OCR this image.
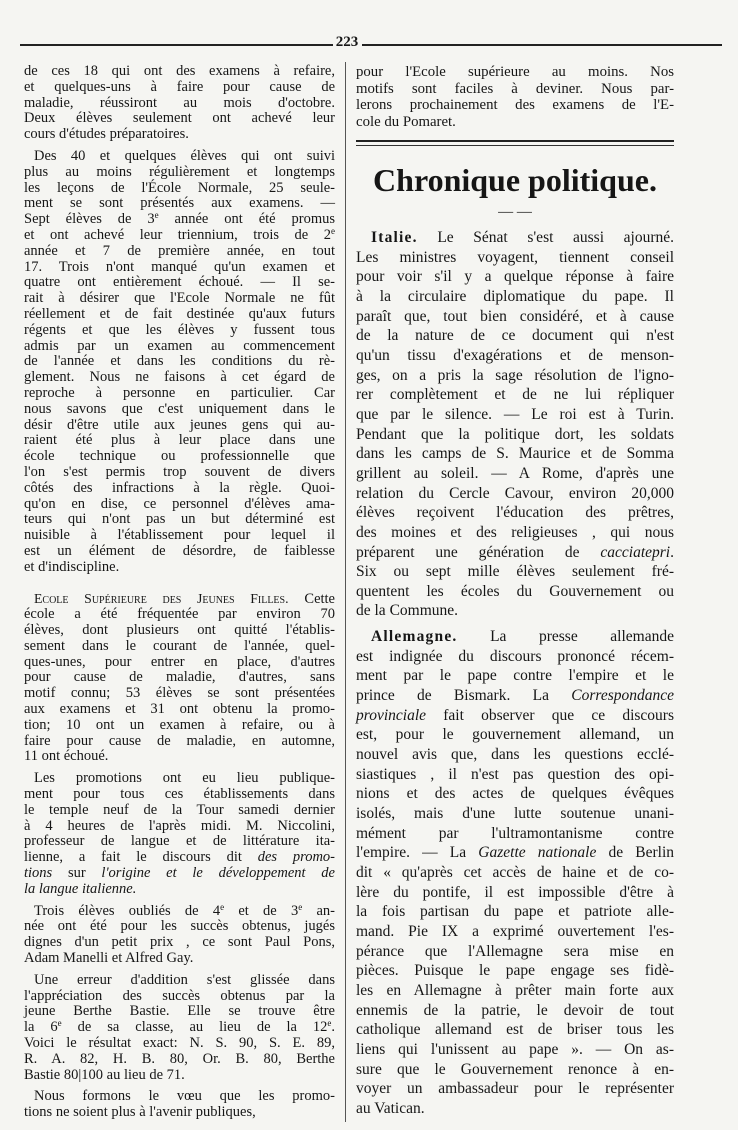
223
de ces 18 qui ont des examens à refaire,
et quelques-uns à faire pour cause de
maladie, réussiront au mois d'octobre.
Deux élèves seulement ont achevé leur
cours d'études préparatoires.
Des 40 et quelques élèves qui ont suivi
plus au moins régulièrement et longtemps
les leçons de l'École Normale, 25 seule-
ment se sont présentés aux examens. —
Sept élèves de 3e année ont été promus
et ont achevé leur triennium, trois de 2e
année et 7 de première année, en tout
17. Trois n'ont manqué qu'un examen et
quatre ont entièrement échoué. — Il se-
rait à désirer que l'Ecole Normale ne fût
réellement et de fait destinée qu'aux futurs
régents et que les élèves y fussent tous
admis par un examen au commencement
de l'année et dans les conditions du rè-
glement. Nous ne faisons à cet égard de
reproche à personne en particulier. Car
nous savons que c'est uniquement dans le
désir d'être utile aux jeunes gens qui au-
raient été plus à leur place dans une
école technique ou professionnelle que
l'on s'est permis trop souvent de divers
côtés des infractions à la règle. Quoi-
qu'on en dise, ce personnel d'élèves ama-
teurs qui n'ont pas un but déterminé est
nuisible à l'établissement pour lequel il
est un élément de désordre, de faiblesse
et d'indiscipline.
Ecole Supérieure des Jeunes Filles. Cette
école a été fréquentée par environ 70
élèves, dont plusieurs ont quitté l'établis-
sement dans le courant de l'année, quel-
ques-unes, pour entrer en place, d'autres
pour cause de maladie, d'autres, sans
motif connu; 53 élèves se sont présentées
aux examens et 31 ont obtenu la promo-
tion; 10 ont un examen à refaire, ou à
faire pour cause de maladie, en automne,
11 ont échoué.
Les promotions ont eu lieu publique-
ment pour tous ces établissements dans
le temple neuf de la Tour samedi dernier
à 4 heures de l'après midi. M. Niccolini,
professeur de langue et de littérature ita-
lienne, a fait le discours dit des promo-
tions sur l'origine et le développement de
la langue italienne.
Trois élèves oubliés de 4e et de 3e an-
née ont été pour les succès obtenus, jugés
dignes d'un petit prix , ce sont Paul Pons,
Adam Manelli et Alfred Gay.
Une erreur d'addition s'est glissée dans
l'appréciation des succès obtenus par la
jeune Berthe Bastie. Elle se trouve être
la 6e de sa classe, au lieu de la 12e.
Voici le résultat exact: N. S. 90, S. E. 89,
R. A. 82, H. B. 80, Or. B. 80, Berthe
Bastie 80|100 au lieu de 71.
Nous formons le vœu que les promo-
tions ne soient plus à l'avenir publiques,
pour l'Ecole supérieure au moins. Nos
motifs sont faciles à deviner. Nous par-
lerons prochainement des examens de l'E-
cole du Pomaret.
Chronique politique.
— —
Italie. Le Sénat s'est aussi ajourné.
Les ministres voyagent, tiennent conseil
pour voir s'il y a quelque réponse à faire
à la circulaire diplomatique du pape. Il
paraît que, tout bien considéré, et à cause
de la nature de ce document qui n'est
qu'un tissu d'exagérations et de menson-
ges, on a pris la sage résolution de l'igno-
rer complètement et de ne lui répliquer
que par le silence. — Le roi est à Turin.
Pendant que la politique dort, les soldats
dans les camps de S. Maurice et de Somma
grillent au soleil. — A Rome, d'après une
relation du Cercle Cavour, environ 20,000
élèves reçoivent l'éducation des prêtres,
des moines et des religieuses , qui nous
préparent une génération de cacciatepri.
Six ou sept mille élèves seulement fré-
quentent les écoles du Gouvernement ou
de la Commune.
Allemagne. La presse allemande
est indignée du discours prononcé récem-
ment par le pape contre l'empire et le
prince de Bismark. La Correspondance
provinciale fait observer que ce discours
est, pour le gouvernement allemand, un
nouvel avis que, dans les questions ecclé-
siastiques , il n'est pas question des opi-
nions et des actes de quelques évêques
isolés, mais d'une lutte soutenue unani-
mément par l'ultramontanisme contre
l'empire. — La Gazette nationale de Berlin
dit « qu'après cet accès de haine et de co-
lère du pontife, il est impossible d'être à
la fois partisan du pape et patriote alle-
mand. Pie IX a exprimé ouvertement l'es-
pérance que l'Allemagne sera mise en
pièces. Puisque le pape engage ses fidè-
les en Allemagne à prêter main forte aux
ennemis de la patrie, le devoir de tout
catholique allemand est de briser tous les
liens qui l'unissent au pape ». — On as-
sure que le Gouvernement renonce à en-
voyer un ambassadeur pour le représenter
au Vatican.
